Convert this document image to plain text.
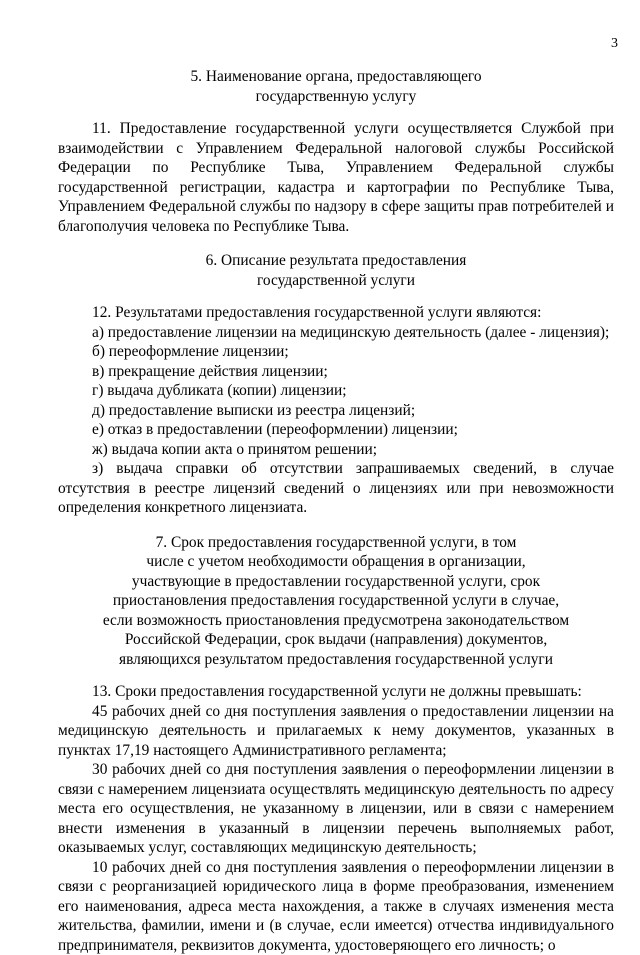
3
5. Наименование органа, предоставляющего
государственную услугу

11. Предоставление государственной услуги осуществляется Службой при взаимодействии с Управлением Федеральной налоговой службы Российской Федерации по Республике Тыва, Управлением Федеральной службы государственной регистрации, кадастра и картографии по Республике Тыва, Управлением Федеральной службы по надзору в сфере защиты прав потребителей и благополучия человека по Республике Тыва.

6. Описание результата предоставления
государственной услуги

12. Результатами предоставления государственной услуги являются:

а) предоставление лицензии на медицинскую деятельность (далее - лицензия);

б) переоформление лицензии;

в) прекращение действия лицензии;

г) выдача дубликата (копии) лицензии;

д) предоставление выписки из реестра лицензий;

е) отказ в предоставлении (переоформлении) лицензии;

ж) выдача копии акта о принятом решении;

з) выдача справки об отсутствии запрашиваемых сведений, в случае отсутствия в реестре лицензий сведений о лицензиях или при невозможности определения конкретного лицензиата.

7. Срок предоставления государственной услуги, в том
числе с учетом необходимости обращения в организации,
участвующие в предоставлении государственной услуги, срок
приостановления предоставления государственной услуги в случае,
если возможность приостановления предусмотрена законодательством
Российской Федерации, срок выдачи (направления) документов,
являющихся результатом предоставления государственной услуги

13. Сроки предоставления государственной услуги не должны превышать:

45 рабочих дней со дня поступления заявления о предоставлении лицензии на медицинскую деятельность и прилагаемых к нему документов, указанных в пунктах 17,19 настоящего Административного регламента;

30 рабочих дней со дня поступления заявления о переоформлении лицензии в связи с намерением лицензиата осуществлять медицинскую деятельность по адресу места его осуществления, не указанному в лицензии, или в связи с намерением внести изменения в указанный в лицензии перечень выполняемых работ, оказываемых услуг, составляющих медицинскую деятельность;

10 рабочих дней со дня поступления заявления о переоформлении лицензии в связи с реорганизацией юридического лица в форме преобразования, изменением его наименования, адреса места нахождения, а также в случаях изменения места жительства, фамилии, имени и (в случае, если имеется) отчества индивидуального предпринимателя, реквизитов документа, удостоверяющего его личность; о
